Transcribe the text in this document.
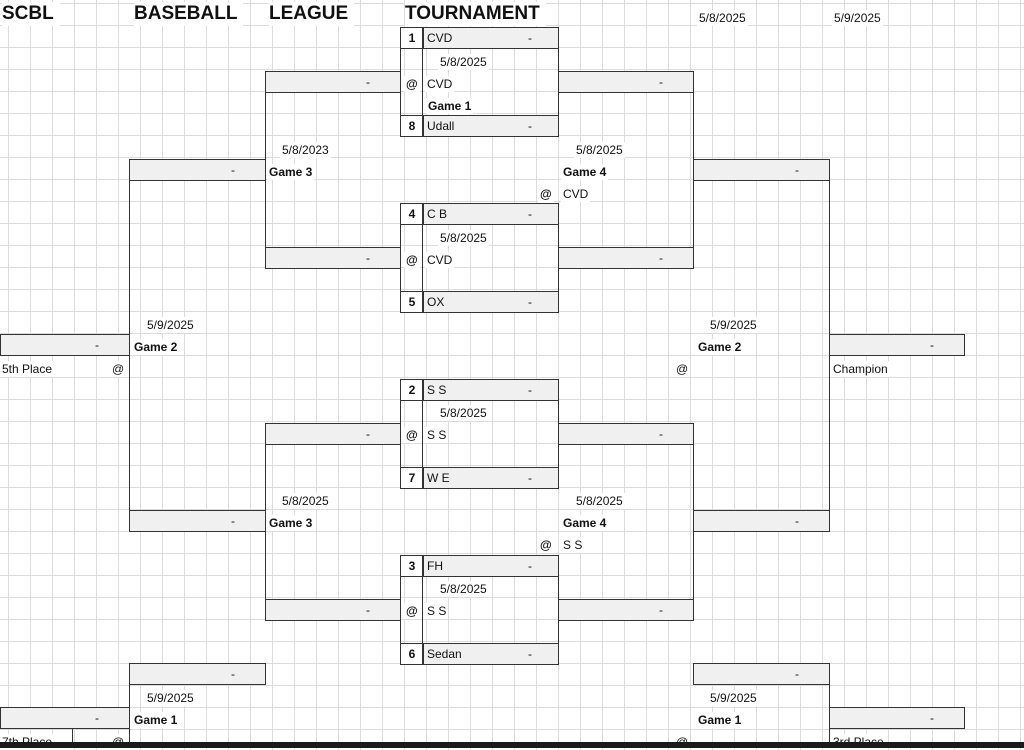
SCBL	BASEBALL	LEAGUE	TOURNAMENT	5/8/2025	5/9/2025
1 CVD	-
5/8/2025
@ CVD
Game 1
8 Udall	-
4 C B	-
5/8/2025
@ CVD
5 OX	-
2 S S	-
5/8/2025
@ S S
7 W E	-
3 FH	-
5/8/2025
@ S S
6 Sedan	-
-
-
-
-
5/8/2023
Game 3
5/8/2025
Game 3
-
-
5/9/2025
Game 2
-
5th Place	@
-
5/9/2025
Game 1
-
-
-
-
-
5/8/2025
Game 4
@ CVD
5/8/2025
Game 4
@ S S
-
-
5/9/2025
Game 2
@
-
Champion
-
5/9/2025
Game 1	-
